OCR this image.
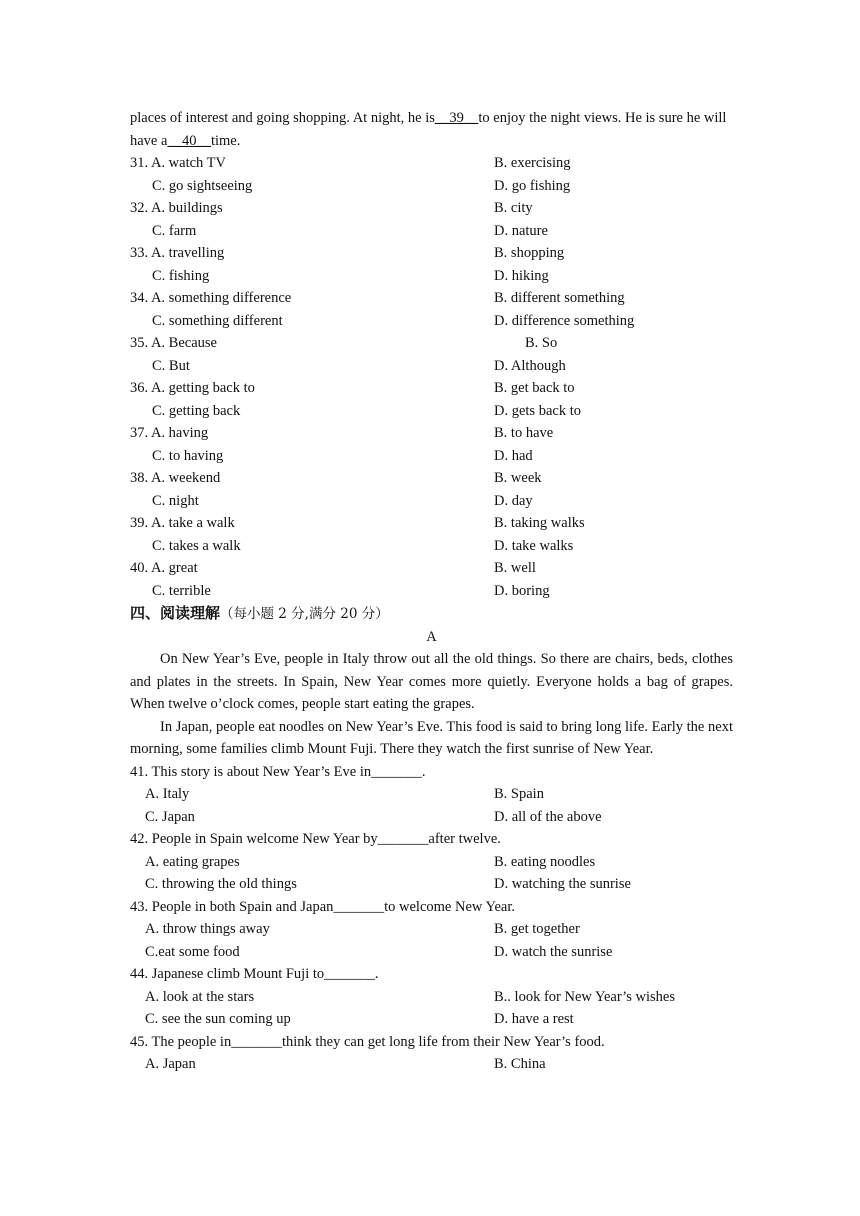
places of interest and going shopping. At night, he is__39__to enjoy the night views. He is sure he will

have a__40__time.

31. A. watch TV	B. exercising
C. go sightseeing	D. go fishing
32. A. buildings	B. city
C. farm	D. nature
33. A. travelling	B. shopping
C. fishing	D. hiking
34. A. something difference	B. different something
C. something different	D. difference something
35. A. Because	B. So
C. But	D. Although
36. A. getting back to	B. get back to
C. getting back	D. gets back to
37. A. having	B. to have
C. to having	D. had
38. A. weekend	B. week
C. night	D. day
39. A. take a walk	B. taking walks
C. takes a walk	D. take walks
40. A. great	B. well
C. terrible	D. boring

四、阅读理解（每小题 2 分,满分 20 分）

A

On New Year’s Eve, people in Italy throw out all the old things. So there are chairs, beds, clothes and plates in the streets. In Spain, New Year comes more quietly. Everyone holds a bag of grapes. When twelve o’clock comes, people start eating the grapes.

In Japan, people eat noodles on New Year’s Eve. This food is said to bring long life. Early the next morning, some families climb Mount Fuji. There they watch the first sunrise of New Year.

41. This story is about New Year’s Eve in_______.

A. Italy	B. Spain
C. Japan	D. all of the above

42. People in Spain welcome New Year by_______after twelve.

A. eating grapes	B. eating noodles
C. throwing the old things	D. watching the sunrise

43. People in both Spain and Japan_______to welcome New Year.

A. throw things away	B. get together
C.eat some food	D. watch the sunrise

44. Japanese climb Mount Fuji to_______.

A. look at the stars	B.. look for New Year’s wishes
C. see the sun coming up	D. have a rest

45. The people in_______think they can get long life from their New Year’s food.

A. Japan	B. China
